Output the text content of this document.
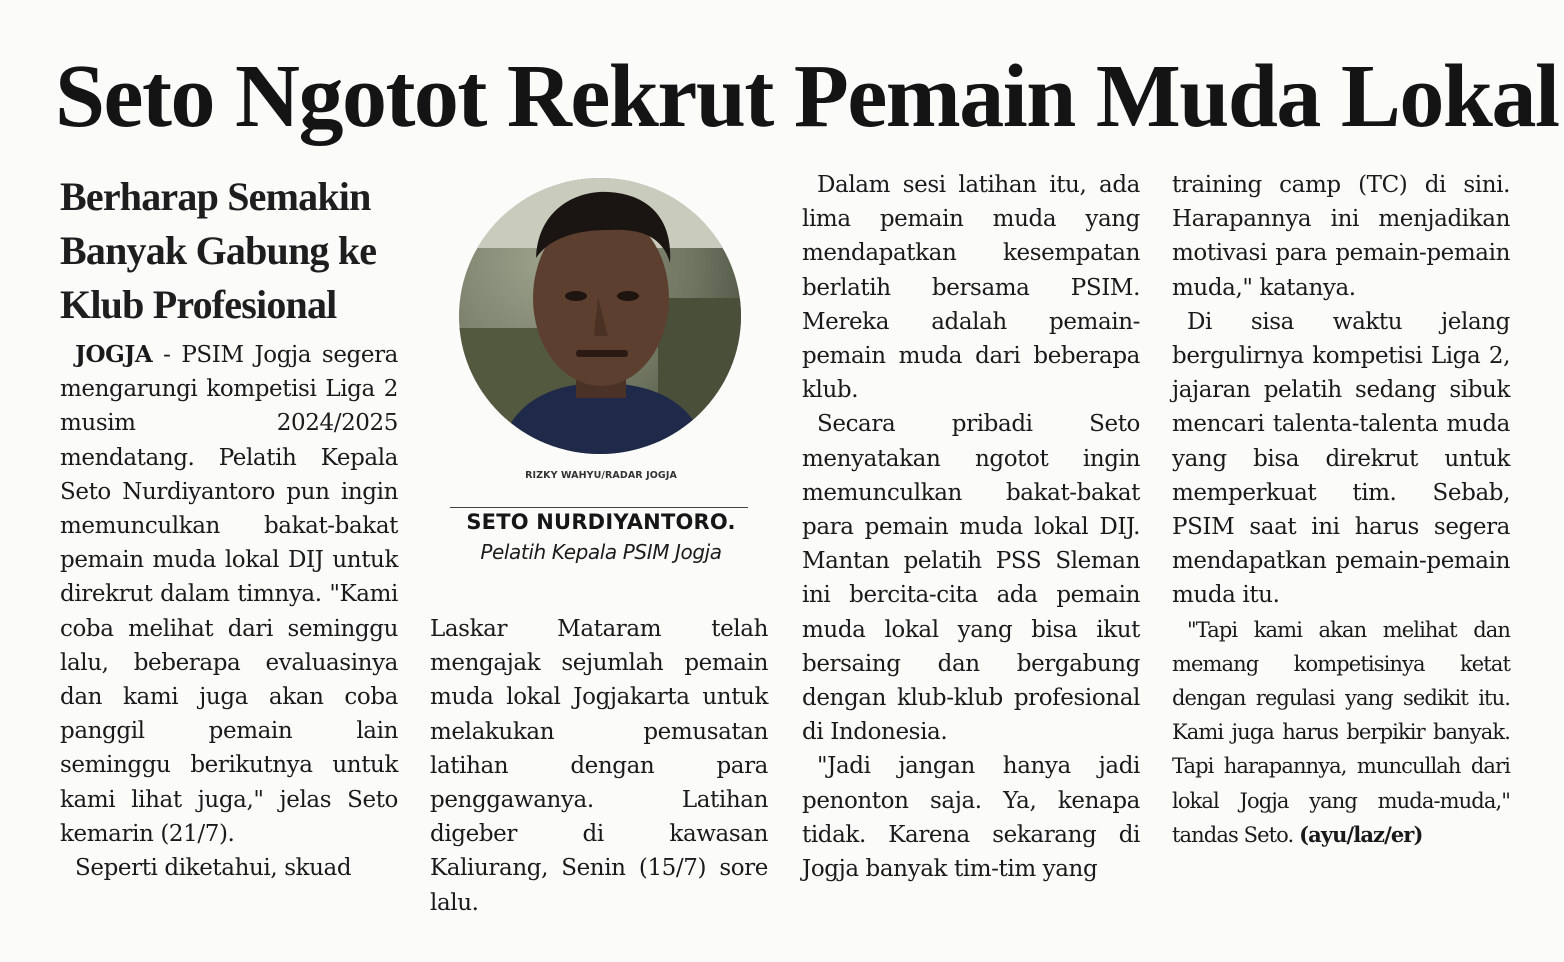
Seto Ngotot Rekrut Pemain Muda Lokal
Berharap Semakin Banyak Gabung ke Klub Profesional

JOGJA - PSIM Jogja segera mengarungi kompetisi Liga 2 musim 2024/2025 mendatang. Pelatih Kepala Seto Nurdiyantoro pun ingin memunculkan bakat-bakat pemain muda lokal DIJ untuk direkrut dalam timnya. "Kami coba melihat dari seminggu lalu, beberapa evaluasinya dan kami juga akan coba panggil pemain lain seminggu berikutnya untuk kami lihat juga," jelas Seto kemarin (21/7).

Seperti diketahui, skuad

RIZKY WAHYU/RADAR JOGJA
SETO NURDIYANTORO.
Pelatih Kepala PSIM Jogja

Laskar Mataram telah mengajak sejumlah pemain muda lokal Jogjakarta untuk melakukan pemusatan latihan dengan para penggawanya. Latihan digeber di kawasan Kaliurang, Senin (15/7) sore lalu.

Dalam sesi latihan itu, ada lima pemain muda yang mendapatkan kesempatan berlatih bersama PSIM. Mereka adalah pemain-pemain muda dari beberapa klub.

Secara pribadi Seto menyatakan ngotot ingin memunculkan bakat-bakat para pemain muda lokal DIJ. Mantan pelatih PSS Sleman ini bercita-cita ada pemain muda lokal yang bisa ikut bersaing dan bergabung dengan klub-klub profesional di Indonesia.

"Jadi jangan hanya jadi penonton saja. Ya, kenapa tidak. Karena sekarang di Jogja banyak tim-tim yang

training camp (TC) di sini. Harapannya ini menjadikan motivasi para pemain-pemain muda," katanya.

Di sisa waktu jelang bergulirnya kompetisi Liga 2, jajaran pelatih sedang sibuk mencari talenta-talenta muda yang bisa direkrut untuk memperkuat tim. Sebab, PSIM saat ini harus segera mendapatkan pemain-pemain muda itu.

"Tapi kami akan melihat dan memang kompetisinya ketat dengan regulasi yang sedikit itu. Kami juga harus berpikir banyak. Tapi harapannya, muncullah dari lokal Jogja yang muda-muda," tandas Seto. (ayu/laz/er)
